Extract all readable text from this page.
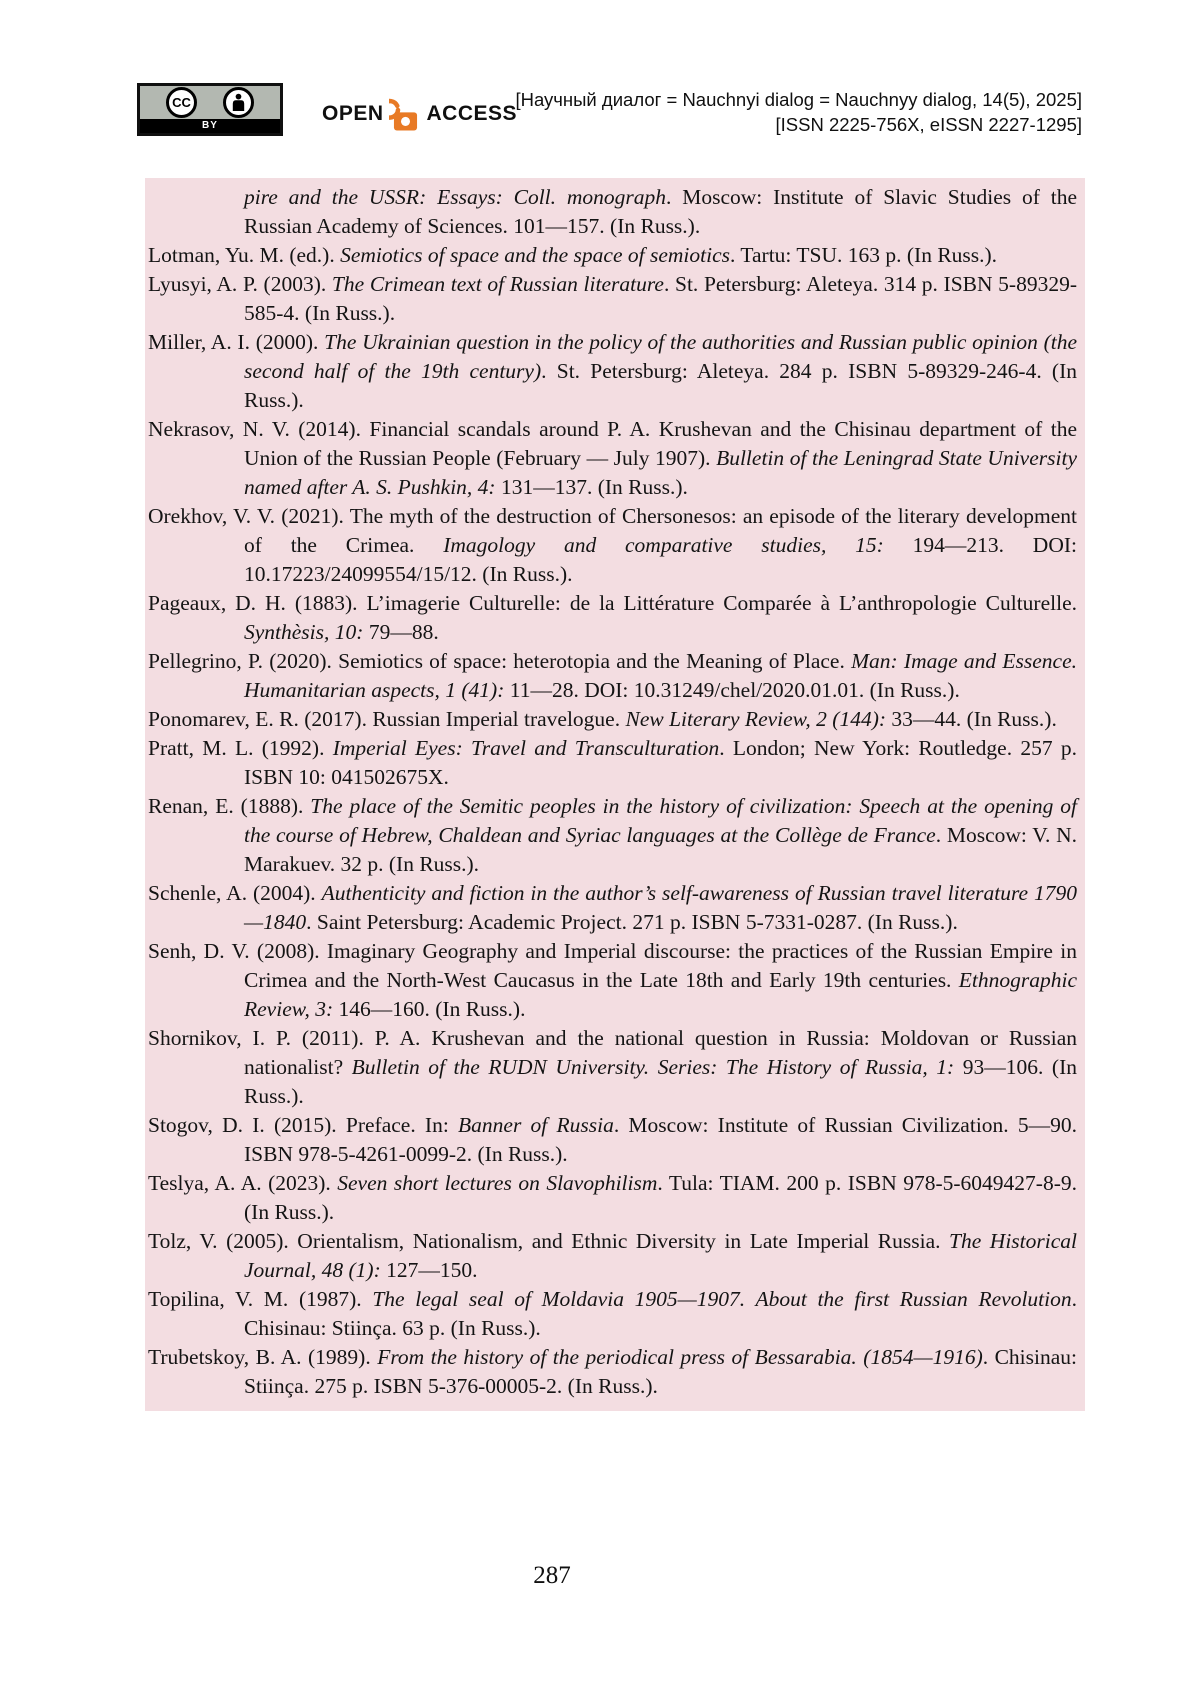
CC
BY
OPEN ACCESS
[Научный диалог = Nauchnyi dialog = Nauchnyy dialog, 14(5), 2025]
[ISSN 2225-756X, eISSN 2227-1295]
pire and the USSR: Essays: Coll. monograph. Moscow: Institute of Slavic Studies of the Russian Academy of Sciences. 101—157. (In Russ.).
Lotman, Yu. M. (ed.). Semiotics of space and the space of semiotics. Tartu: TSU. 163 p. (In Russ.).
Lyusyi, A. P. (2003). The Crimean text of Russian literature. St. Petersburg: Aleteya. 314 p. ISBN 5-89329-585-4. (In Russ.).
Miller, A. I. (2000). The Ukrainian question in the policy of the authorities and Russian public opinion (the second half of the 19th century). St. Petersburg: Aleteya. 284 p. ISBN 5-89329-246-4. (In Russ.).
Nekrasov, N. V. (2014). Financial scandals around P. A. Krushevan and the Chisinau department of the Union of the Russian People (February — July 1907). Bulletin of the Leningrad State University named after A. S. Pushkin, 4: 131—137. (In Russ.).
Orekhov, V. V. (2021). The myth of the destruction of Chersonesos: an episode of the literary development of the Crimea. Imagology and comparative studies, 15: 194—213. DOI: 10.17223/24099554/15/12. (In Russ.).
Pageaux, D. H. (1883). L’imagerie Culturelle: de la Littérature Comparée à L’anthropologie Culturelle. Synthèsis, 10: 79—88.
Pellegrino, P. (2020). Semiotics of space: heterotopia and the Meaning of Place. Man: Image and Essence. Humanitarian aspects, 1 (41): 11—28. DOI: 10.31249/chel/2020.01.01. (In Russ.).
Ponomarev, E. R. (2017). Russian Imperial travelogue. New Literary Review, 2 (144): 33—44. (In Russ.).
Pratt, M. L. (1992). Imperial Eyes: Travel and Transculturation. London; New York: Routledge. 257 p. ISBN 10: 041502675X.
Renan, E. (1888). The place of the Semitic peoples in the history of civilization: Speech at the opening of the course of Hebrew, Chaldean and Syriac languages at the Collège de France. Moscow: V. N. Marakuev. 32 p. (In Russ.).
Schenle, A. (2004). Authenticity and fiction in the author’s self-awareness of Russian travel literature 1790—1840. Saint Petersburg: Academic Project. 271 p. ISBN 5-7331-0287. (In Russ.).
Senh, D. V. (2008). Imaginary Geography and Imperial discourse: the practices of the Russian Empire in Crimea and the North-West Caucasus in the Late 18th and Early 19th centuries. Ethnographic Review, 3: 146—160. (In Russ.).
Shornikov, I. P. (2011). P. A. Krushevan and the national question in Russia: Moldovan or Russian nationalist? Bulletin of the RUDN University. Series: The History of Russia, 1: 93—106. (In Russ.).
Stogov, D. I. (2015). Preface. In: Banner of Russia. Moscow: Institute of Russian Civilization. 5—90. ISBN 978-5-4261-0099-2. (In Russ.).
Teslya, A. A. (2023). Seven short lectures on Slavophilism. Tula: TIAM. 200 p. ISBN 978-5-6049427-8-9. (In Russ.).
Tolz, V. (2005). Orientalism, Nationalism, and Ethnic Diversity in Late Imperial Russia. The Historical Journal, 48 (1): 127—150.
Topilina, V. M. (1987). The legal seal of Moldavia 1905—1907. About the first Russian Revolution. Chisinau: Stiinça. 63 p. (In Russ.).
Trubetskoy, B. A. (1989). From the history of the periodical press of Bessarabia. (1854—1916). Chisinau: Stiinça. 275 p. ISBN 5-376-00005-2. (In Russ.).
287
